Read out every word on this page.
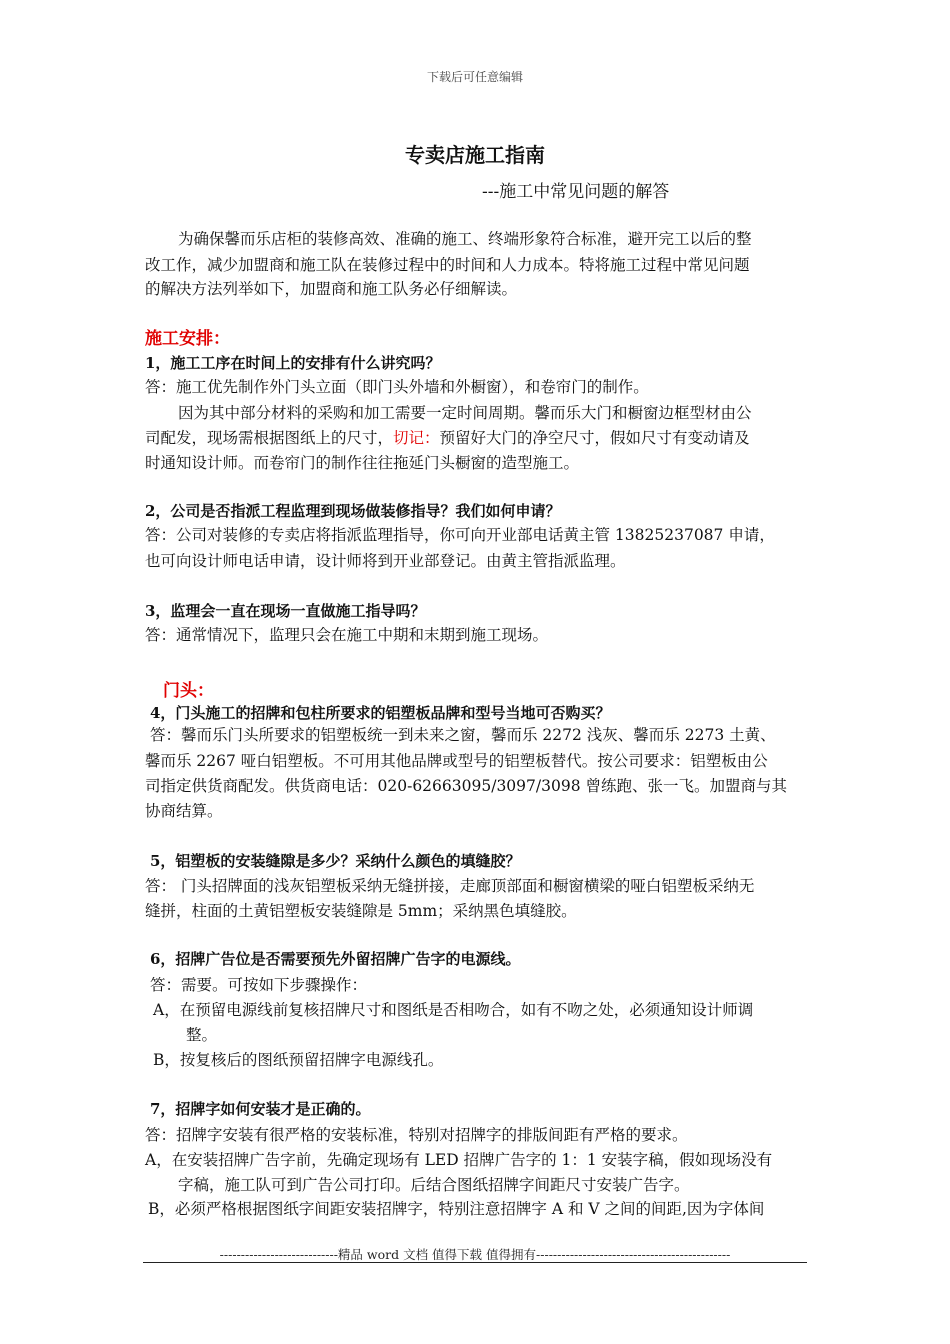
下载后可任意编辑
专卖店施工指南
---施工中常见问题的解答
为确保馨而乐店柜的装修高效、准确的施工、终端形象符合标准，避开完工以后的整
改工作，减少加盟商和施工队在装修过程中的时间和人力成本。特将施工过程中常见问题
的解决方法列举如下，加盟商和施工队务必仔细解读。
施工安排：
1，施工工序在时间上的安排有什么讲究吗？
答：施工优先制作外门头立面（即门头外墙和外橱窗），和卷帘门的制作。
因为其中部分材料的采购和加工需要一定时间周期。馨而乐大门和橱窗边框型材由公
司配发，现场需根据图纸上的尺寸，切记：预留好大门的净空尺寸，假如尺寸有变动请及
时通知设计师。而卷帘门的制作往往拖延门头橱窗的造型施工。
2，公司是否指派工程监理到现场做装修指导？我们如何申请？
答：公司对装修的专卖店将指派监理指导，你可向开业部电话黄主管 13825237087 申请，
也可向设计师电话申请，设计师将到开业部登记。由黄主管指派监理。
3，监理会一直在现场一直做施工指导吗？
答：通常情况下，监理只会在施工中期和末期到施工现场。
门头：
4，门头施工的招牌和包柱所要求的铝塑板品牌和型号当地可否购买？
答：馨而乐门头所要求的铝塑板统一到未来之窗，馨而乐 2272 浅灰、馨而乐 2273 土黄、
馨而乐 2267 哑白铝塑板。不可用其他品牌或型号的铝塑板替代。按公司要求：铝塑板由公
司指定供货商配发。供货商电话：020-62663095/3097/3098 曾练跑、张一飞。加盟商与其
协商结算。
5，铝塑板的安装缝隙是多少？采纳什么颜色的填缝胶？
答： 门头招牌面的浅灰铝塑板采纳无缝拼接，走廊顶部面和橱窗横梁的哑白铝塑板采纳无
缝拼，柱面的土黄铝塑板安装缝隙是 5mm；采纳黑色填缝胶。
6，招牌广告位是否需要预先外留招牌广告字的电源线。
答：需要。可按如下步骤操作：
A，在预留电源线前复核招牌尺寸和图纸是否相吻合，如有不吻之处，必须通知设计师调
整。
B，按复核后的图纸预留招牌字电源线孔。
7，招牌字如何安装才是正确的。
答：招牌字安装有很严格的安装标准，特别对招牌字的排版间距有严格的要求。
A，在安装招牌广告字前，先确定现场有 LED 招牌广告字的 1：1 安装字稿，假如现场没有
字稿，施工队可到广告公司打印。后结合图纸招牌字间距尺寸安装广告字。
B，必须严格根据图纸字间距安装招牌字，特别注意招牌字 A 和 V 之间的间距,因为字体间
----------------------------精品 word 文档 值得下载 值得拥有----------------------------------------------
